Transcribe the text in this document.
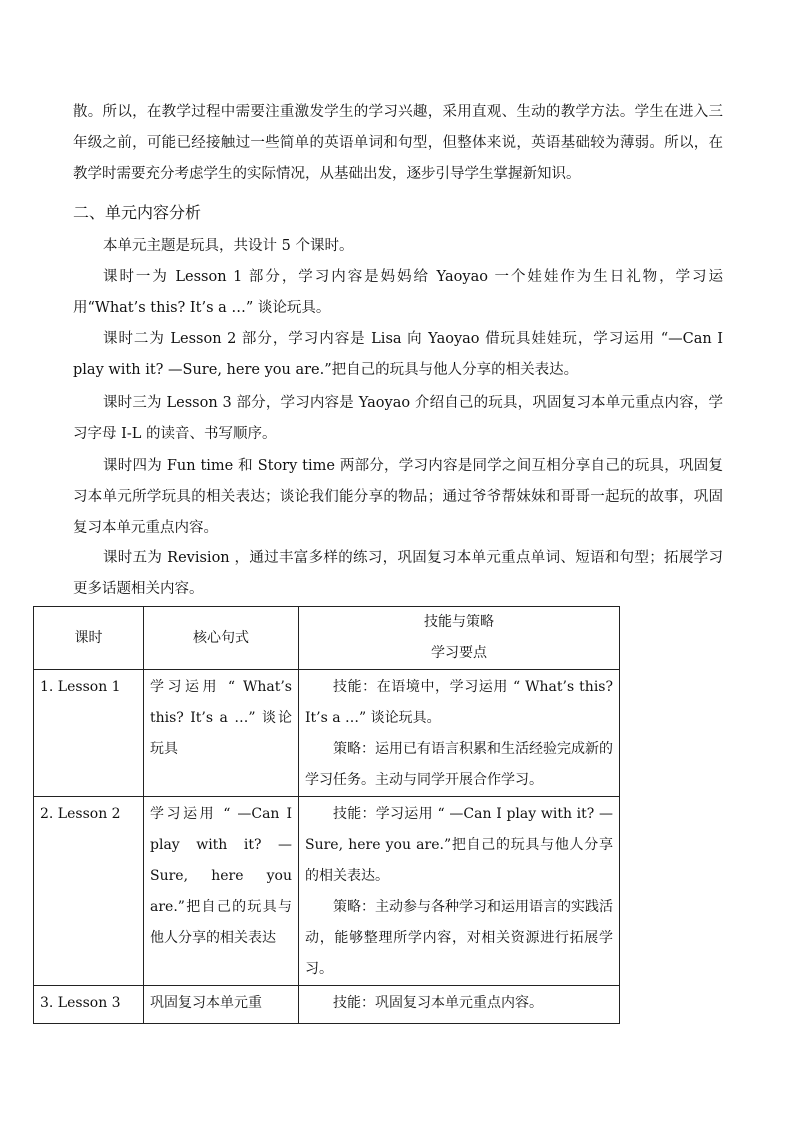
散。所以，在教学过程中需要注重激发学生的学习兴趣，采用直观、生动的教学方法。学生在进入三年级之前，可能已经接触过一些简单的英语单词和句型，但整体来说，英语基础较为薄弱。所以，在教学时需要充分考虑学生的实际情况，从基础出发，逐步引导学生掌握新知识。

二、单元内容分析

本单元主题是玩具，共设计 5 个课时。

课时一为 Lesson 1 部分，学习内容是妈妈给 Yaoyao 一个娃娃作为生日礼物，学习运用“What’s this? It’s a …” 谈论玩具。

课时二为 Lesson 2 部分，学习内容是 Lisa 向 Yaoyao 借玩具娃娃玩，学习运用 “—Can I play with it? —Sure, here you are.”把自己的玩具与他人分享的相关表达。

课时三为 Lesson 3 部分，学习内容是 Yaoyao 介绍自己的玩具，巩固复习本单元重点内容，学习字母 I-L 的读音、书写顺序。

课时四为 Fun time 和 Story time 两部分，学习内容是同学之间互相分享自己的玩具，巩固复习本单元所学玩具的相关表达；谈论我们能分享的物品；通过爷爷帮妹妹和哥哥一起玩的故事，巩固复习本单元重点内容。

课时五为 Revision ，通过丰富多样的练习，巩固复习本单元重点单词、短语和句型；拓展学习更多话题相关内容。

课时	核心句式	技能与策略
学习要点

1. Lesson 1	学习运用 “ What’s this? It’s a …” 谈论玩具	技能：在语境中，学习运用 “ What’s this? It’s a …” 谈论玩具。
策略：运用已有语言积累和生活经验完成新的学习任务。主动与同学开展合作学习。

2. Lesson 2	学习运用 “ —Can I play with it? —Sure, here you are.”把自己的玩具与他人分享的相关表达	技能：学习运用 “ —Can I play with it? —Sure, here you are.”把自己的玩具与他人分享的相关表达。
策略：主动参与各种学习和运用语言的实践活动，能够整理所学内容，对相关资源进行拓展学习。

3. Lesson 3	巩固复习本单元重	技能：巩固复习本单元重点内容。
